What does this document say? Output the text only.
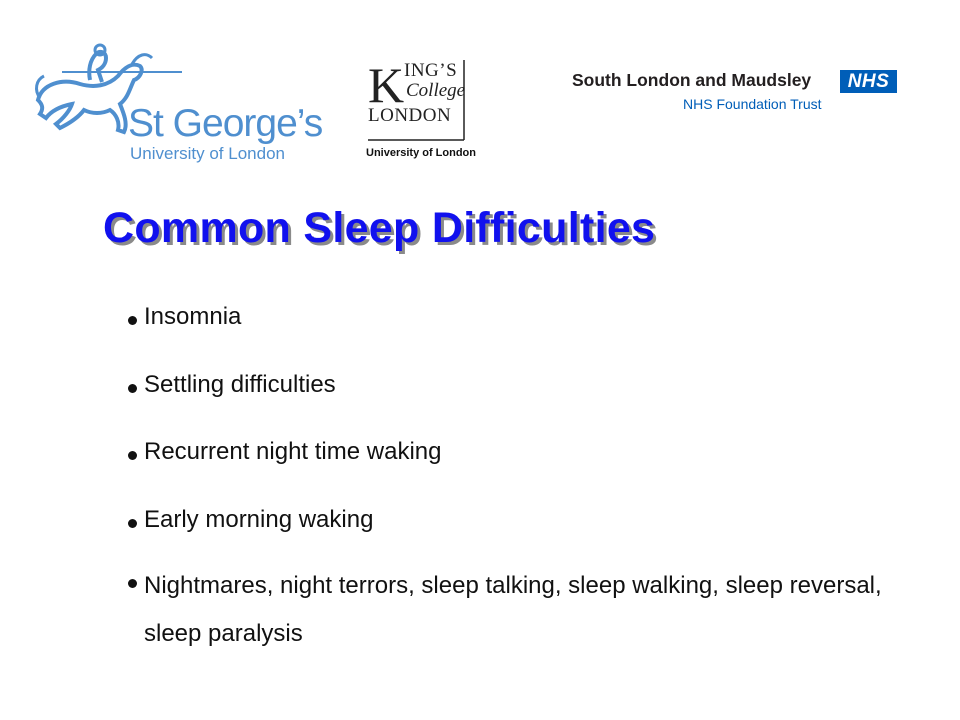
St George’s
University of London
K ING’S
College
LONDON
University of London
South London and Maudsley	NHS
NHS Foundation Trust
Common Sleep Difficulties
Insomnia
Settling difficulties
Recurrent night time waking
Early morning waking
Nightmares, night terrors, sleep talking, sleep walking, sleep reversal, sleep paralysis
